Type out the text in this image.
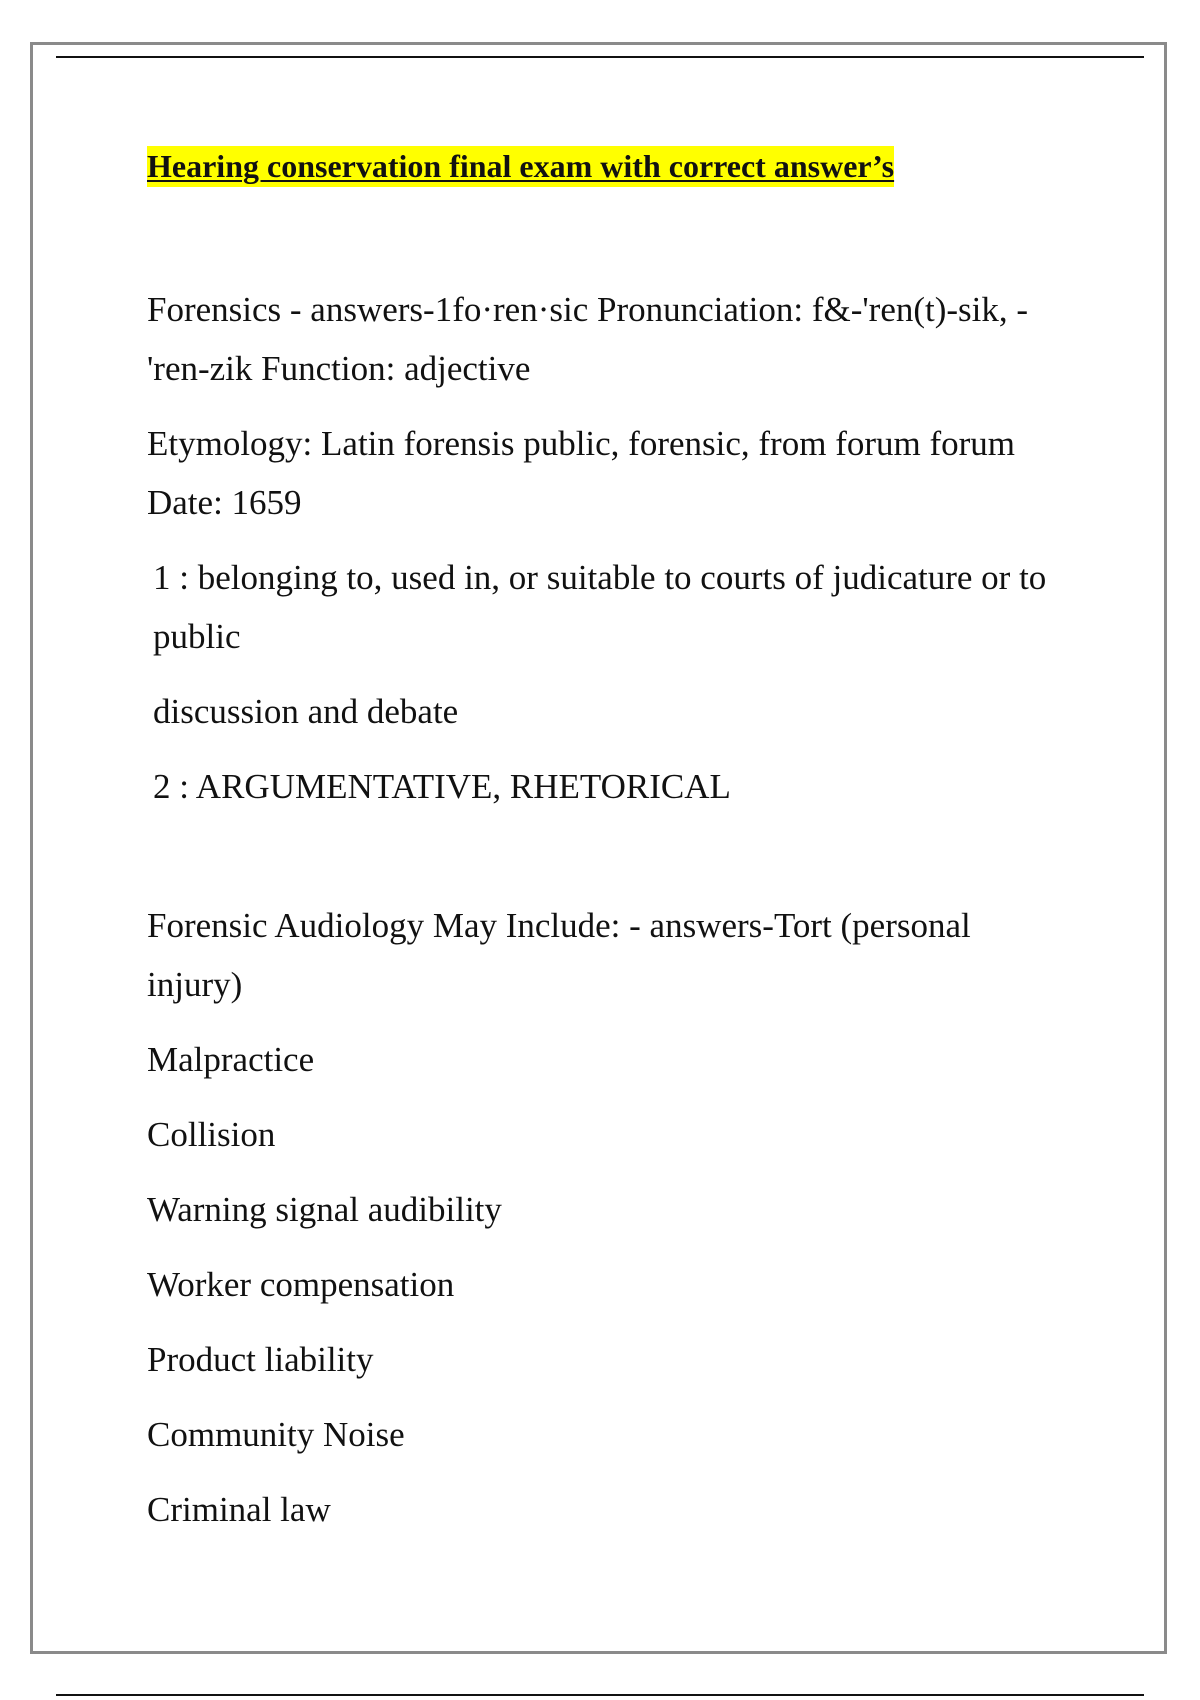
Hearing conservation final exam with correct answer’s

Forensics - answers-1fo·ren·sic Pronunciation: f&-'ren(t)-sik, -'ren-zik Function: adjective

Etymology: Latin forensis public, forensic, from forum forum Date: 1659

1 : belonging to, used in, or suitable to courts of judicature or to public

discussion and debate

2 : ARGUMENTATIVE, RHETORICAL

Forensic Audiology May Include: - answers-Tort (personal injury)

Malpractice

Collision

Warning signal audibility

Worker compensation

Product liability

Community Noise

Criminal law
